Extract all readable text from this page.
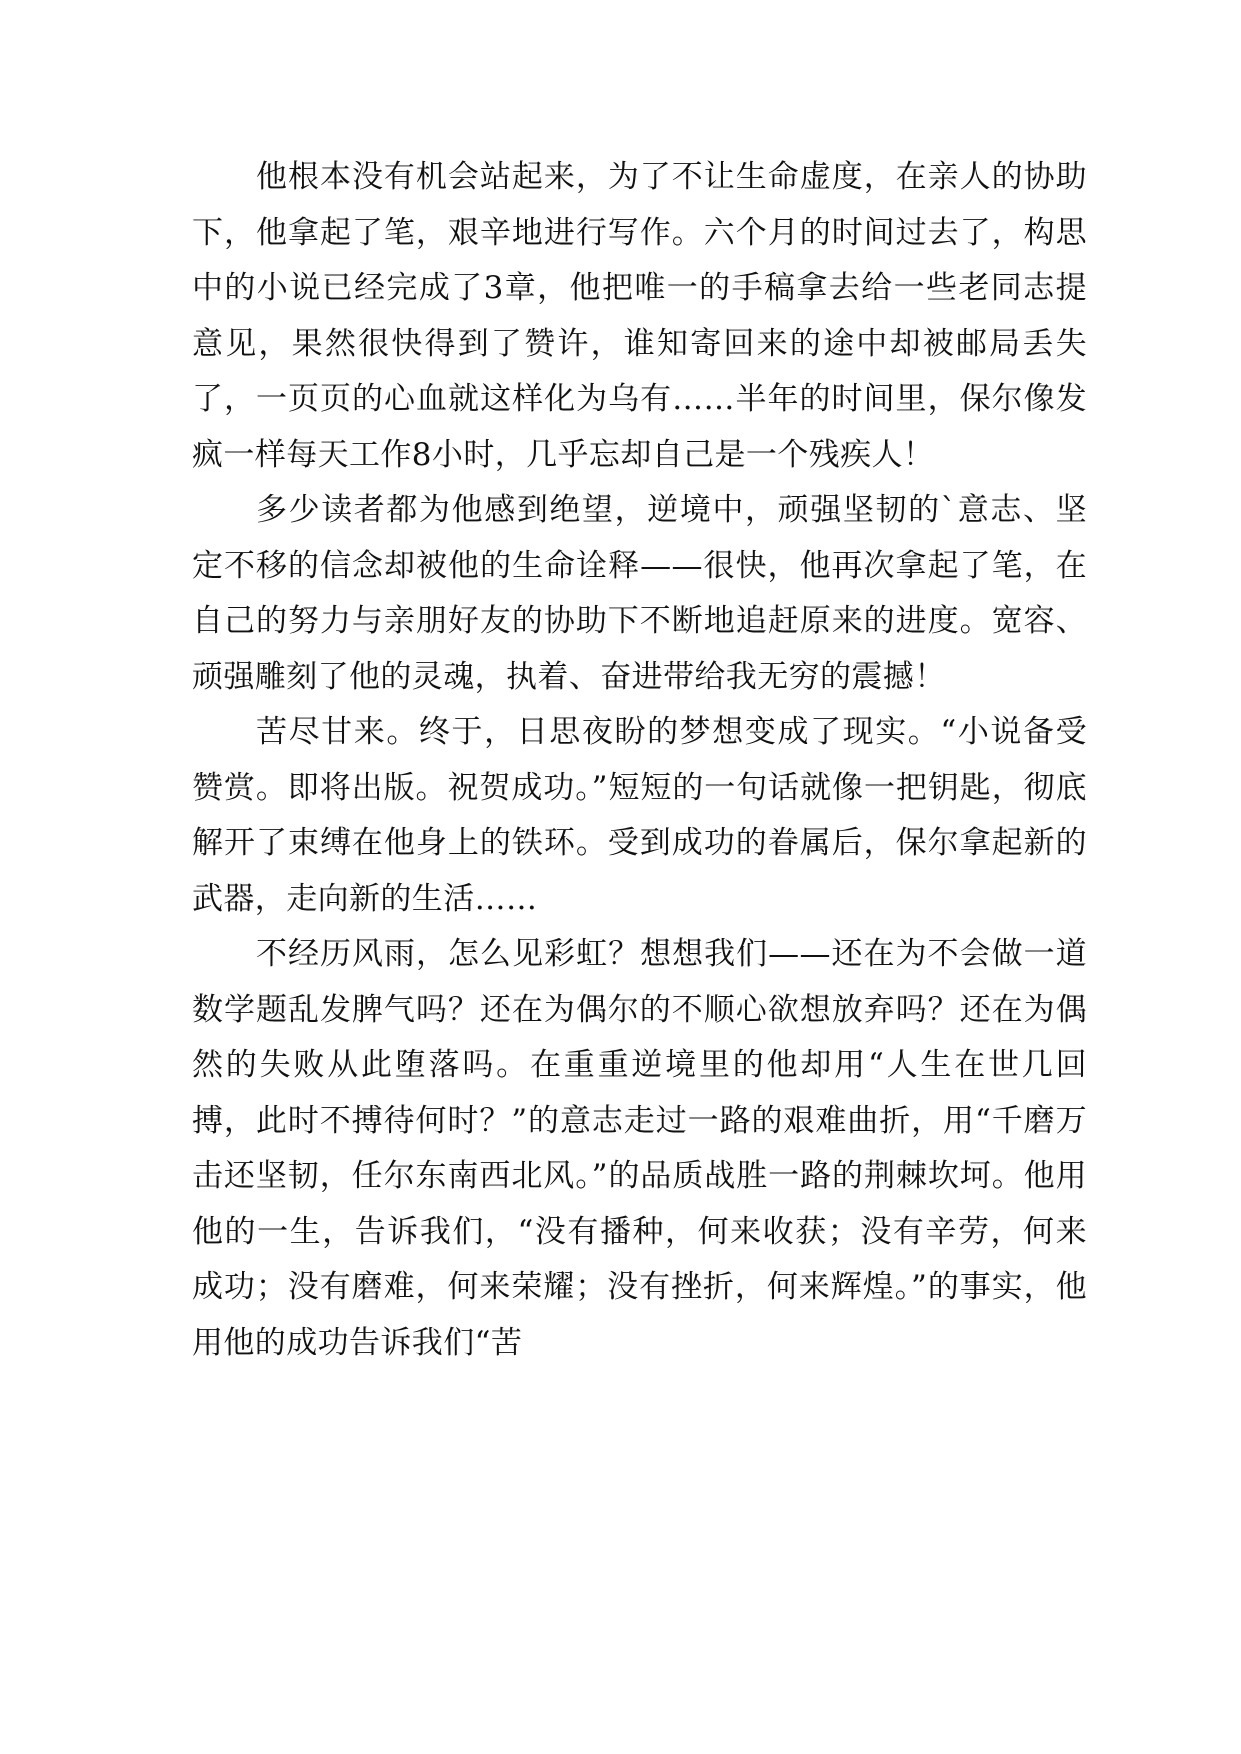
他根本没有机会站起来，为了不让生命虚度，在亲人的协助下，他拿起了笔，艰辛地进行写作。六个月的时间过去了，构思中的小说已经完成了3章，他把唯一的手稿拿去给一些老同志提意见，果然很快得到了赞许，谁知寄回来的途中却被邮局丢失了，一页页的心血就这样化为乌有……半年的时间里，保尔像发疯一样每天工作8小时，几乎忘却自己是一个残疾人！

多少读者都为他感到绝望，逆境中，顽强坚韧的`意志、坚定不移的信念却被他的生命诠释——很快，他再次拿起了笔，在自己的努力与亲朋好友的协助下不断地追赶原来的进度。宽容、顽强雕刻了他的灵魂，执着、奋进带给我无穷的震撼！

苦尽甘来。终于，日思夜盼的梦想变成了现实。“小说备受赞赏。即将出版。祝贺成功。”短短的一句话就像一把钥匙，彻底解开了束缚在他身上的铁环。受到成功的眷属后，保尔拿起新的武器，走向新的生活……

不经历风雨，怎么见彩虹？想想我们——还在为不会做一道数学题乱发脾气吗？还在为偶尔的不顺心欲想放弃吗？还在为偶然的失败从此堕落吗。在重重逆境里的他却用“人生在世几回搏，此时不搏待何时？”的意志走过一路的艰难曲折，用“千磨万击还坚韧，任尔东南西北风。”的品质战胜一路的荆棘坎坷。他用他的一生，告诉我们，“没有播种，何来收获；没有辛劳，何来成功；没有磨难，何来荣耀；没有挫折，何来辉煌。”的事实，他用他的成功告诉我们“苦
